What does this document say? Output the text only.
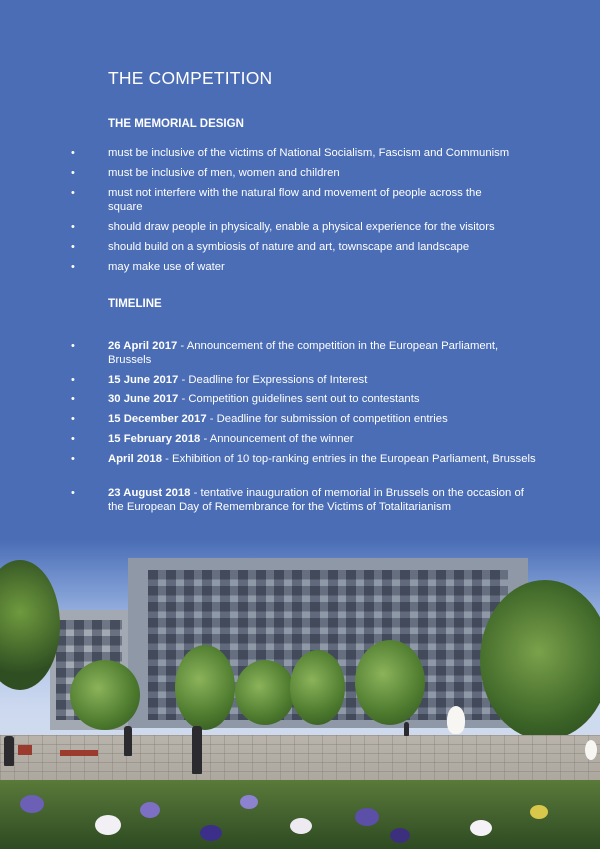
THE COMPETITION
THE MEMORIAL DESIGN
•	must be inclusive of the victims of National Socialism, Fascism and Communism
•	must be inclusive of men, women and children
•	must not interfere with the natural flow and movement of people across the square
•	should draw people in physically, enable a physical experience for the visitors
•	should build on a symbiosis of nature and art, townscape and landscape
•	may make use of water
TIMELINE
•	26 April 2017 - Announcement of the competition in the European Parliament, Brussels
•	15 June 2017 - Deadline for Expressions of Interest
•	30 June 2017 - Competition guidelines sent out to contestants
•	15 December 2017 - Deadline for submission of competition entries
•	15 February 2018 - Announcement of the winner
•	April 2018 - Exhibition of 10 top-ranking entries in the European Parliament, Brussels
•	23 August 2018 - tentative inauguration of memorial in Brussels on the occasion of the European Day of Remembrance for the Victims of Totalitarianism
